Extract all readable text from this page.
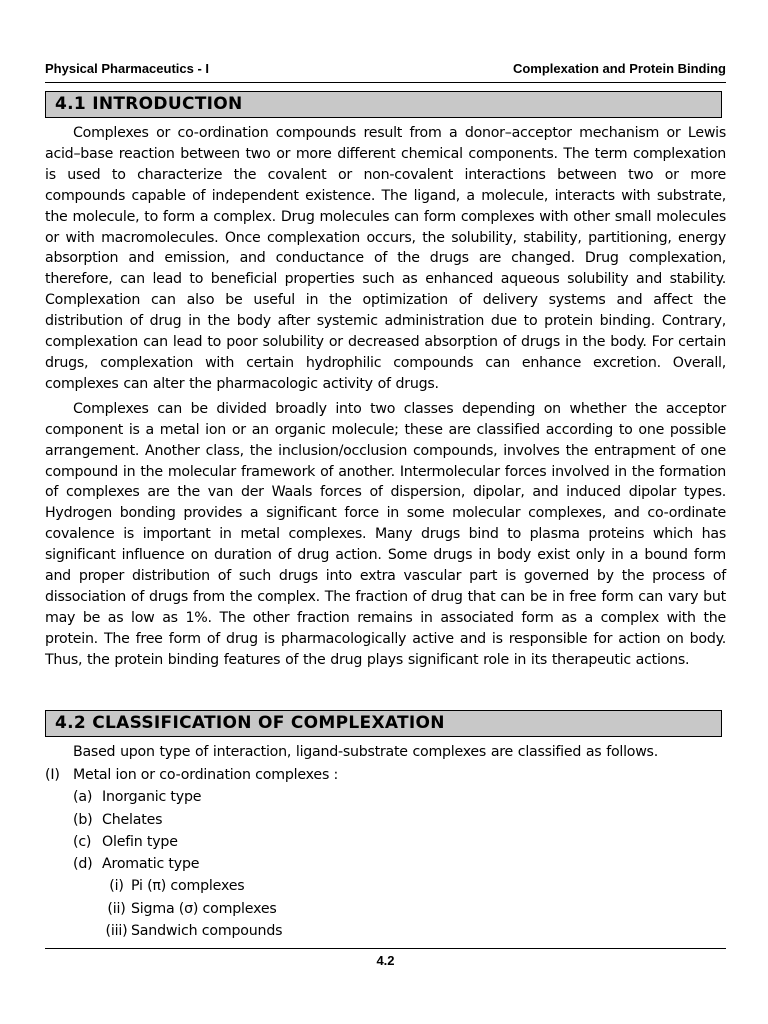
Physical Pharmaceutics - I	Complexation and Protein Binding
4.1 INTRODUCTION

Complexes or co-ordination compounds result from a donor–acceptor mechanism or Lewis acid–base reaction between two or more different chemical components. The term complexation is used to characterize the covalent or non-covalent interactions between two or more compounds capable of independent existence. The ligand, a molecule, interacts with substrate, the molecule, to form a complex. Drug molecules can form complexes with other small molecules or with macromolecules. Once complexation occurs, the solubility, stability, partitioning, energy absorption and emission, and conductance of the drugs are changed. Drug complexation, therefore, can lead to beneficial properties such as enhanced aqueous solubility and stability. Complexation can also be useful in the optimization of delivery systems and affect the distribution of drug in the body after systemic administration due to protein binding. Contrary, complexation can lead to poor solubility or decreased absorption of drugs in the body. For certain drugs, complexation with certain hydrophilic compounds can enhance excretion. Overall, complexes can alter the pharmacologic activity of drugs.

Complexes can be divided broadly into two classes depending on whether the acceptor component is a metal ion or an organic molecule; these are classified according to one possible arrangement. Another class, the inclusion/occlusion compounds, involves the entrapment of one compound in the molecular framework of another. Intermolecular forces involved in the formation of complexes are the van der Waals forces of dispersion, dipolar, and induced dipolar types. Hydrogen bonding provides a significant force in some molecular complexes, and co-ordinate covalence is important in metal complexes. Many drugs bind to plasma proteins which has significant influence on duration of drug action. Some drugs in body exist only in a bound form and proper distribution of such drugs into extra vascular part is governed by the process of dissociation of drugs from the complex. The fraction of drug that can be in free form can vary but may be as low as 1%. The other fraction remains in associated form as a complex with the protein. The free form of drug is pharmacologically active and is responsible for action on body. Thus, the protein binding features of the drug plays significant role in its therapeutic actions.

4.2 CLASSIFICATION OF COMPLEXATION

Based upon type of interaction, ligand-substrate complexes are classified as follows.

(I) Metal ion or co-ordination complexes :
(a) Inorganic type
(b) Chelates
(c) Olefin type
(d) Aromatic type
(i) Pi (π) complexes
(ii) Sigma (σ) complexes
(iii) Sandwich compounds
4.2
